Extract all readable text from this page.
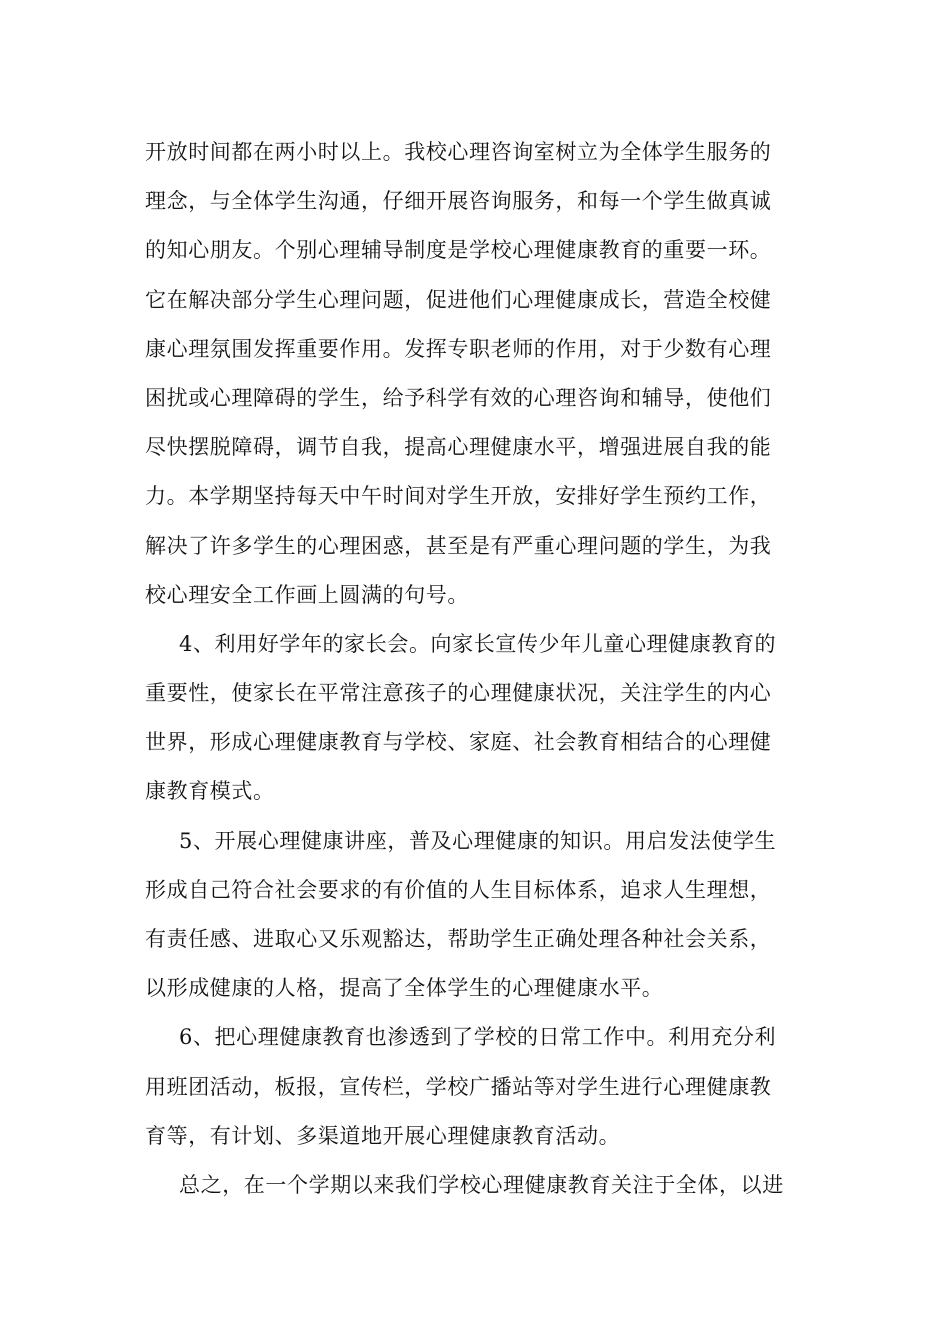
开放时间都在两小时以上。我校心理咨询室树立为全体学生服务的
理念，与全体学生沟通，仔细开展咨询服务，和每一个学生做真诚
的知心朋友。个别心理辅导制度是学校心理健康教育的重要一环。
它在解决部分学生心理问题，促进他们心理健康成长，营造全校健
康心理氛围发挥重要作用。发挥专职老师的作用，对于少数有心理
困扰或心理障碍的学生，给予科学有效的心理咨询和辅导，使他们
尽快摆脱障碍，调节自我，提高心理健康水平，增强进展自我的能
力。本学期坚持每天中午时间对学生开放，安排好学生预约工作，
解决了许多学生的心理困惑，甚至是有严重心理问题的学生，为我
校心理安全工作画上圆满的句号。
4、利用好学年的家长会。向家长宣传少年儿童心理健康教育的
重要性，使家长在平常注意孩子的心理健康状况，关注学生的内心
世界，形成心理健康教育与学校、家庭、社会教育相结合的心理健
康教育模式。
5、开展心理健康讲座，普及心理健康的知识。用启发法使学生
形成自己符合社会要求的有价值的人生目标体系，追求人生理想，
有责任感、进取心又乐观豁达，帮助学生正确处理各种社会关系，
以形成健康的人格，提高了全体学生的心理健康水平。
6、把心理健康教育也渗透到了学校的日常工作中。利用充分利
用班团活动，板报，宣传栏，学校广播站等对学生进行心理健康教
育等，有计划、多渠道地开展心理健康教育活动。
总之，在一个学期以来我们学校心理健康教育关注于全体，以进
